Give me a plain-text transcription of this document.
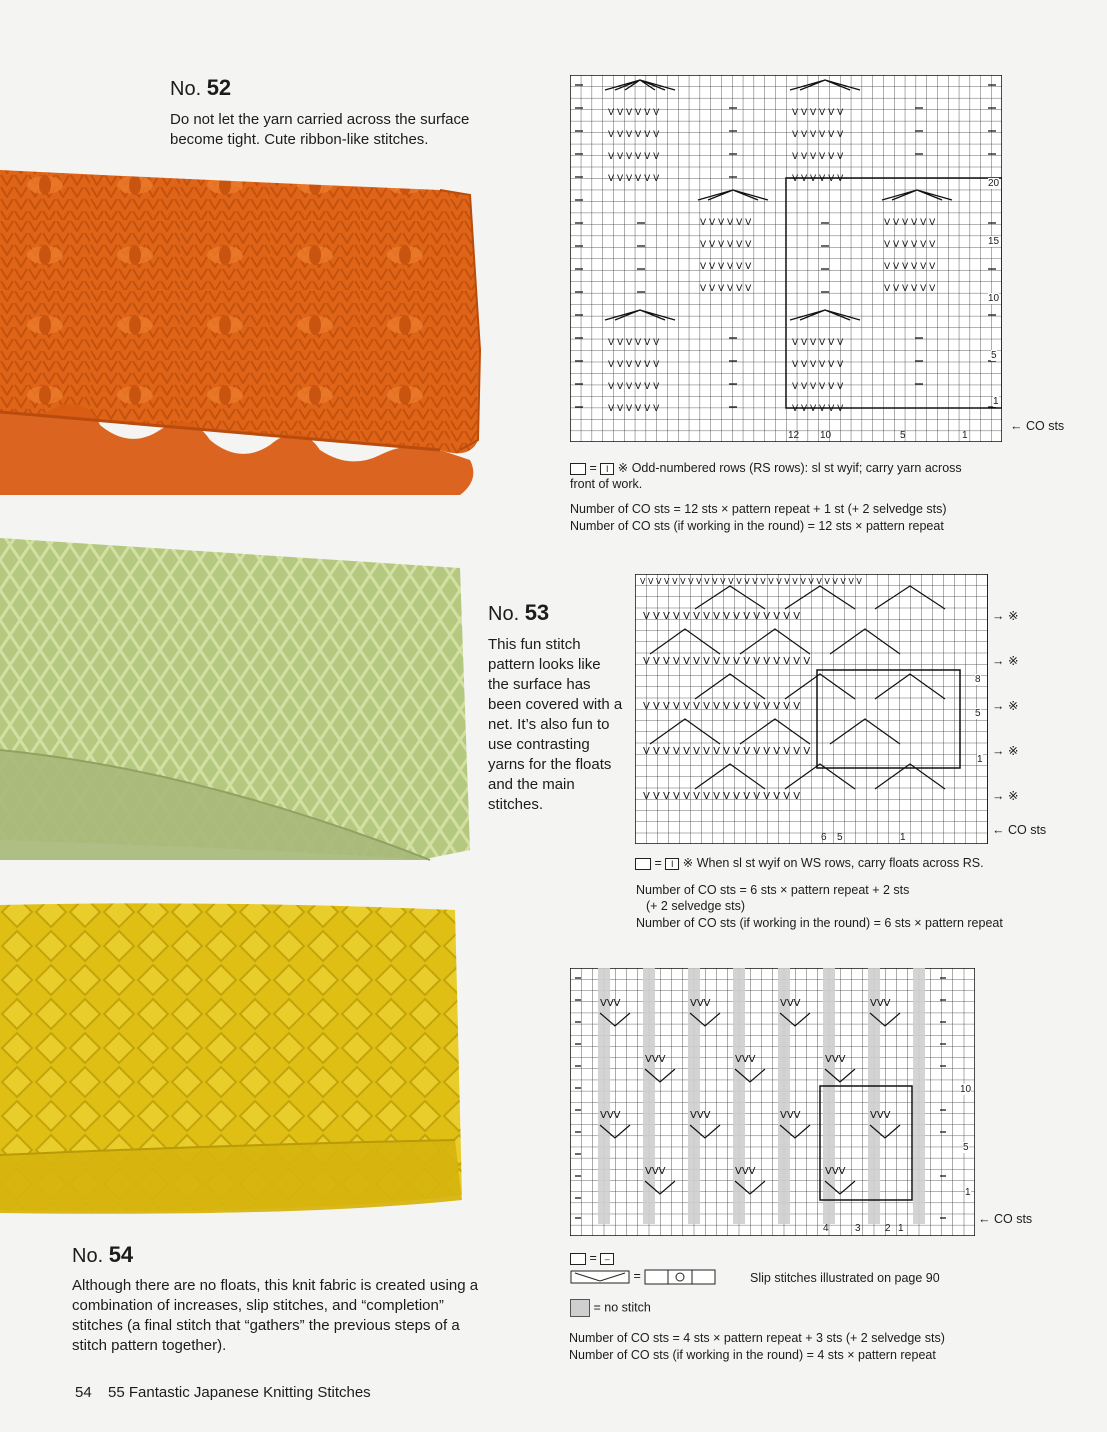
No. 52
Do not let the yarn carried across the surface become tight. Cute ribbon-like stitches.
V V V V V V
V V V V V V
V V V V V V
V V V V V V
V V V V V V
V V V V V V
V V V V V V
V V V V V V
V V V V V V
V V V V V V
V V V V V V
V V V V V V
V V V V V V
V V V V V V
V V V V V V
V V V V V V
V V V V V V
V V V V V V
V V V V V V
V V V V V V
V V V V V V
V V V V V V
V V V V V V
V V V V V V
20
15
10
5
1
12 10	5	1
← CO sts
= I ※ Odd-numbered rows (RS rows): sl st wyif; carry yarn across front of work.
Number of CO sts = 12 sts × pattern repeat + 1 st (+ 2 selvedge sts)
Number of CO sts (if working in the round) = 12 sts × pattern repeat
No. 53
This fun stitch pattern looks like the surface has been covered with a net. It’s also fun to use contrasting yarns for the floats and the main stitches.
V V V V V V V V V V V V V V V V
V V V V V V V V V V V V V V V V V
V V V V V V V V V V V V V V V V
V V V V V V V V V V V V V V V V V
V V V V V V V V V V V V V V V V
V V V V V V V V V V V V V V V V V V V V V V V V V V V V
8
5
1
6 5	1
→ ※
→ ※
→ ※
→ ※
→ ※
← CO sts
= I ※ When sl st wyif on WS rows, carry floats across RS.
Number of CO sts = 6 sts × pattern repeat + 2 sts
(+ 2 selvedge sts)
Number of CO sts (if working in the round) = 6 sts × pattern repeat
VVV	VVV	VVV	VVV
VVV	VVV	VVV
VVV	VVV	VVV	VVV
VVV	VVV	VVV
10
5
1
4	3 2 1
← CO sts
= –
=	Slip stitches illustrated on page 90
= no stitch
Number of CO sts = 4 sts × pattern repeat + 3 sts (+ 2 selvedge sts)
Number of CO sts (if working in the round) = 4 sts × pattern repeat
No. 54
Although there are no floats, this knit fabric is created using a combination of increases, slip stitches, and “completion” stitches (a final stitch that “gathers” the previous steps of a stitch pattern together).
54 55 Fantastic Japanese Knitting Stitches
